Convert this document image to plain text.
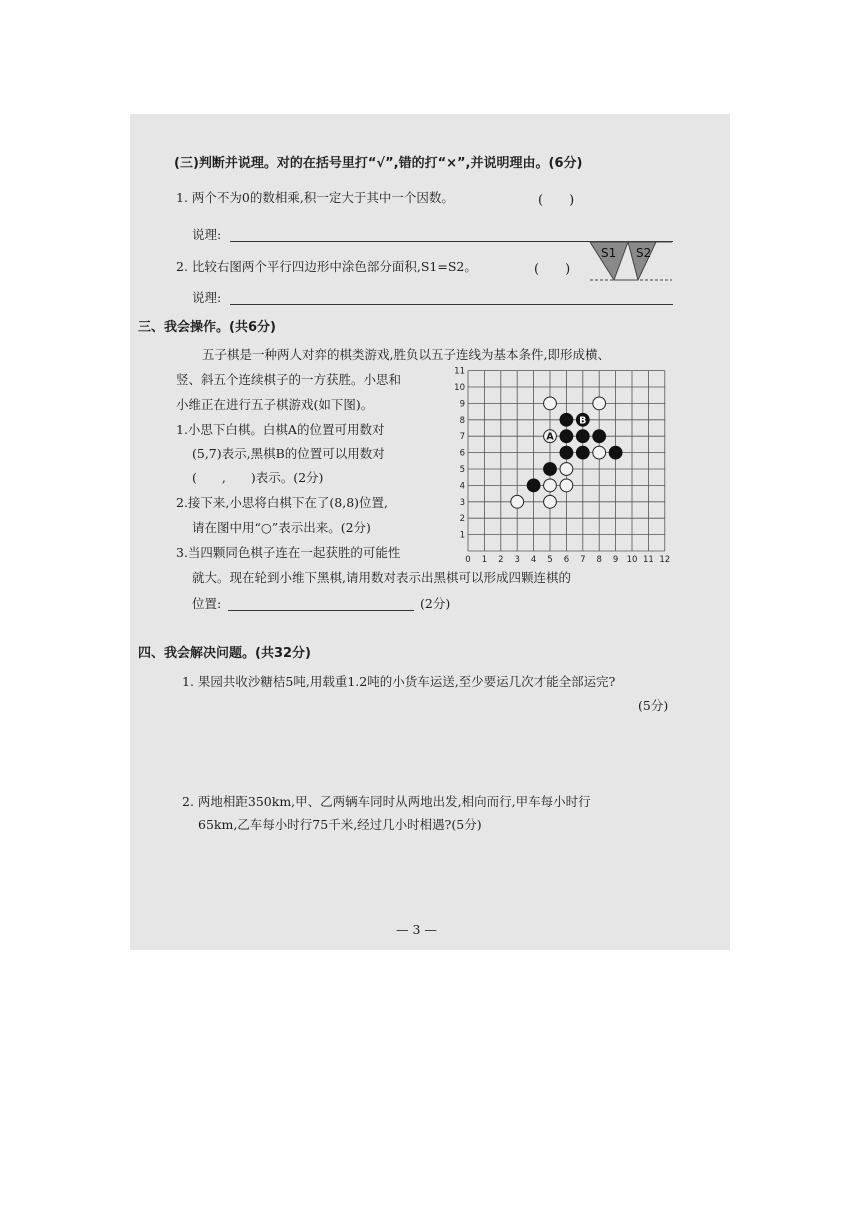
(三)判断并说理。对的在括号里打“√”,错的打“×”,并说明理由。(6分)
1. 两个不为0的数相乘,积一定大于其中一个因数。	(　　)
说理:
2. 比较右图两个平行四边形中涂色部分面积,S1=S2。	(　　)
S1 S2
说理:
三、我会操作。(共6分)
五子棋是一种两人对弈的棋类游戏,胜负以五子连线为基本条件,即形成横、
竖、斜五个连续棋子的一方获胜。小思和
小维正在进行五子棋游戏(如下图)。
1.小思下白棋。白棋A的位置可用数对
(5,7)表示,黑棋B的位置可以用数对
(　　,　　)表示。(2分)
2.接下来,小思将白棋下在了(8,8)位置,
请在图中用“○”表示出来。(2分)
3.当四颗同色棋子连在一起获胜的可能性
就大。现在轮到小维下黑棋,请用数对表示出黑棋可以形成四颗连棋的
位置:	(2分)
0 1 2 3 4 5 6 7 8 9 10 11 12
1
2
3
4
5
6
7
8
9
10
11
A
B
四、我会解决问题。(共32分)
1. 果园共收沙糖桔5吨,用载重1.2吨的小货车运送,至少要运几次才能全部运完?
(5分)
2. 两地相距350km,甲、乙两辆车同时从两地出发,相向而行,甲车每小时行
65km,乙车每小时行75千米,经过几小时相遇?(5分)
— 3 —
